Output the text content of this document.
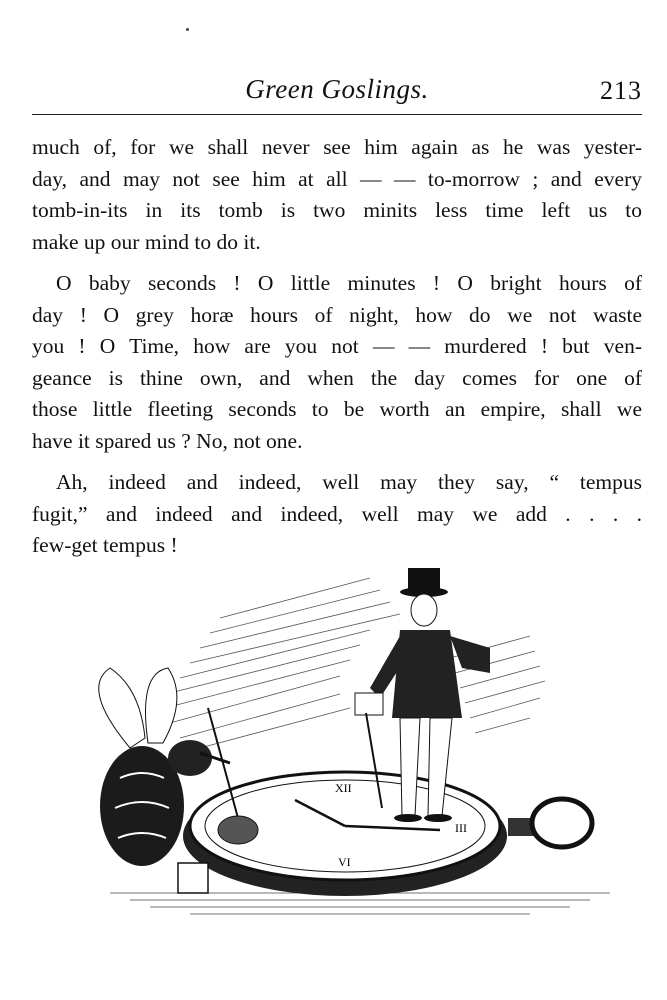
Green Goslings.	213

much of, for we shall never see him again as he was yester-
day, and may not see him at all — — to-morrow ; and every
tomb-in-its in its tomb is two minits less time left us to
make up our mind to do it.

O baby seconds ! O little minutes ! O bright hours of
day ! O grey horæ hours of night, how do we not waste
you ! O Time, how are you not — — murdered ! but ven-
geance is thine own, and when the day comes for one of
those little fleeting seconds to be worth an empire, shall we
have it spared us ? No, not one.

Ah, indeed and indeed, well may they say, “ tempus
fugit,” and indeed and indeed, well may we add . . . .
few-get tempus !

XII
III
VI
